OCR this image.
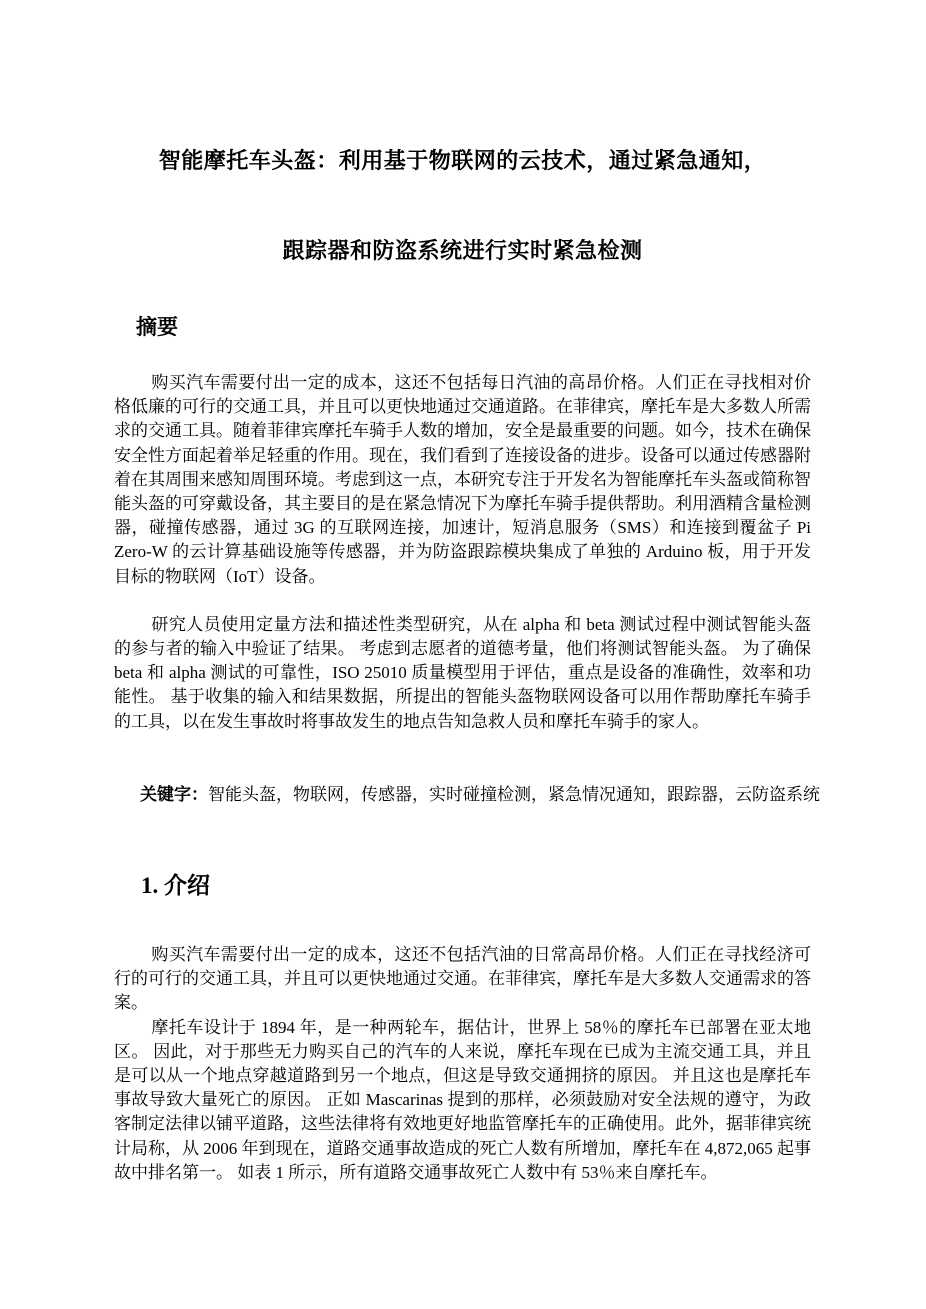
智能摩托车头盔：利用基于物联网的云技术，通过紧急通知，
跟踪器和防盗系统进行实时紧急检测
摘要

购买汽车需要付出一定的成本，这还不包括每日汽油的高昂价格。人们正在寻找相对价格低廉的可行的交通工具，并且可以更快地通过交通道路。在菲律宾，摩托车是大多数人所需求的交通工具。随着菲律宾摩托车骑手人数的增加，安全是最重要的问题。如今，技术在确保安全性方面起着举足轻重的作用。现在，我们看到了连接设备的进步。设备可以通过传感器附着在其周围来感知周围环境。考虑到这一点，本研究专注于开发名为智能摩托车头盔或简称智能头盔的可穿戴设备，其主要目的是在紧急情况下为摩托车骑手提供帮助。利用酒精含量检测器，碰撞传感器，通过 3G 的互联网连接，加速计，短消息服务（SMS）和连接到覆盆子 Pi Zero-W 的云计算基础设施等传感器，并为防盗跟踪模块集成了单独的 Arduino 板，用于开发目标的物联网（IoT）设备。

研究人员使用定量方法和描述性类型研究，从在 alpha 和 beta 测试过程中测试智能头盔的参与者的输入中验证了结果。 考虑到志愿者的道德考量，他们将测试智能头盔。 为了确保 beta 和 alpha 测试的可靠性，ISO 25010 质量模型用于评估，重点是设备的准确性，效率和功能性。 基于收集的输入和结果数据，所提出的智能头盔物联网设备可以用作帮助摩托车骑手的工具，以在发生事故时将事故发生的地点告知急救人员和摩托车骑手的家人。

关键字：智能头盔，物联网，传感器，实时碰撞检测，紧急情况通知，跟踪器，云防盗系统

1. 介绍

购买汽车需要付出一定的成本，这还不包括汽油的日常高昂价格。人们正在寻找经济可行的可行的交通工具，并且可以更快地通过交通。在菲律宾，摩托车是大多数人交通需求的答案。

摩托车设计于 1894 年，是一种两轮车，据估计，世界上 58％的摩托车已部署在亚太地区。 因此，对于那些无力购买自己的汽车的人来说，摩托车现在已成为主流交通工具，并且是可以从一个地点穿越道路到另一个地点，但这是导致交通拥挤的原因。 并且这也是摩托车事故导致大量死亡的原因。 正如 Mascarinas 提到的那样，必须鼓励对安全法规的遵守，为政客制定法律以铺平道路，这些法律将有效地更好地监管摩托车的正确使用。此外，据菲律宾统计局称，从 2006 年到现在，道路交通事故造成的死亡人数有所增加，摩托车在 4,872,065 起事故中排名第一。 如表 1 所示，所有道路交通事故死亡人数中有 53％来自摩托车。
